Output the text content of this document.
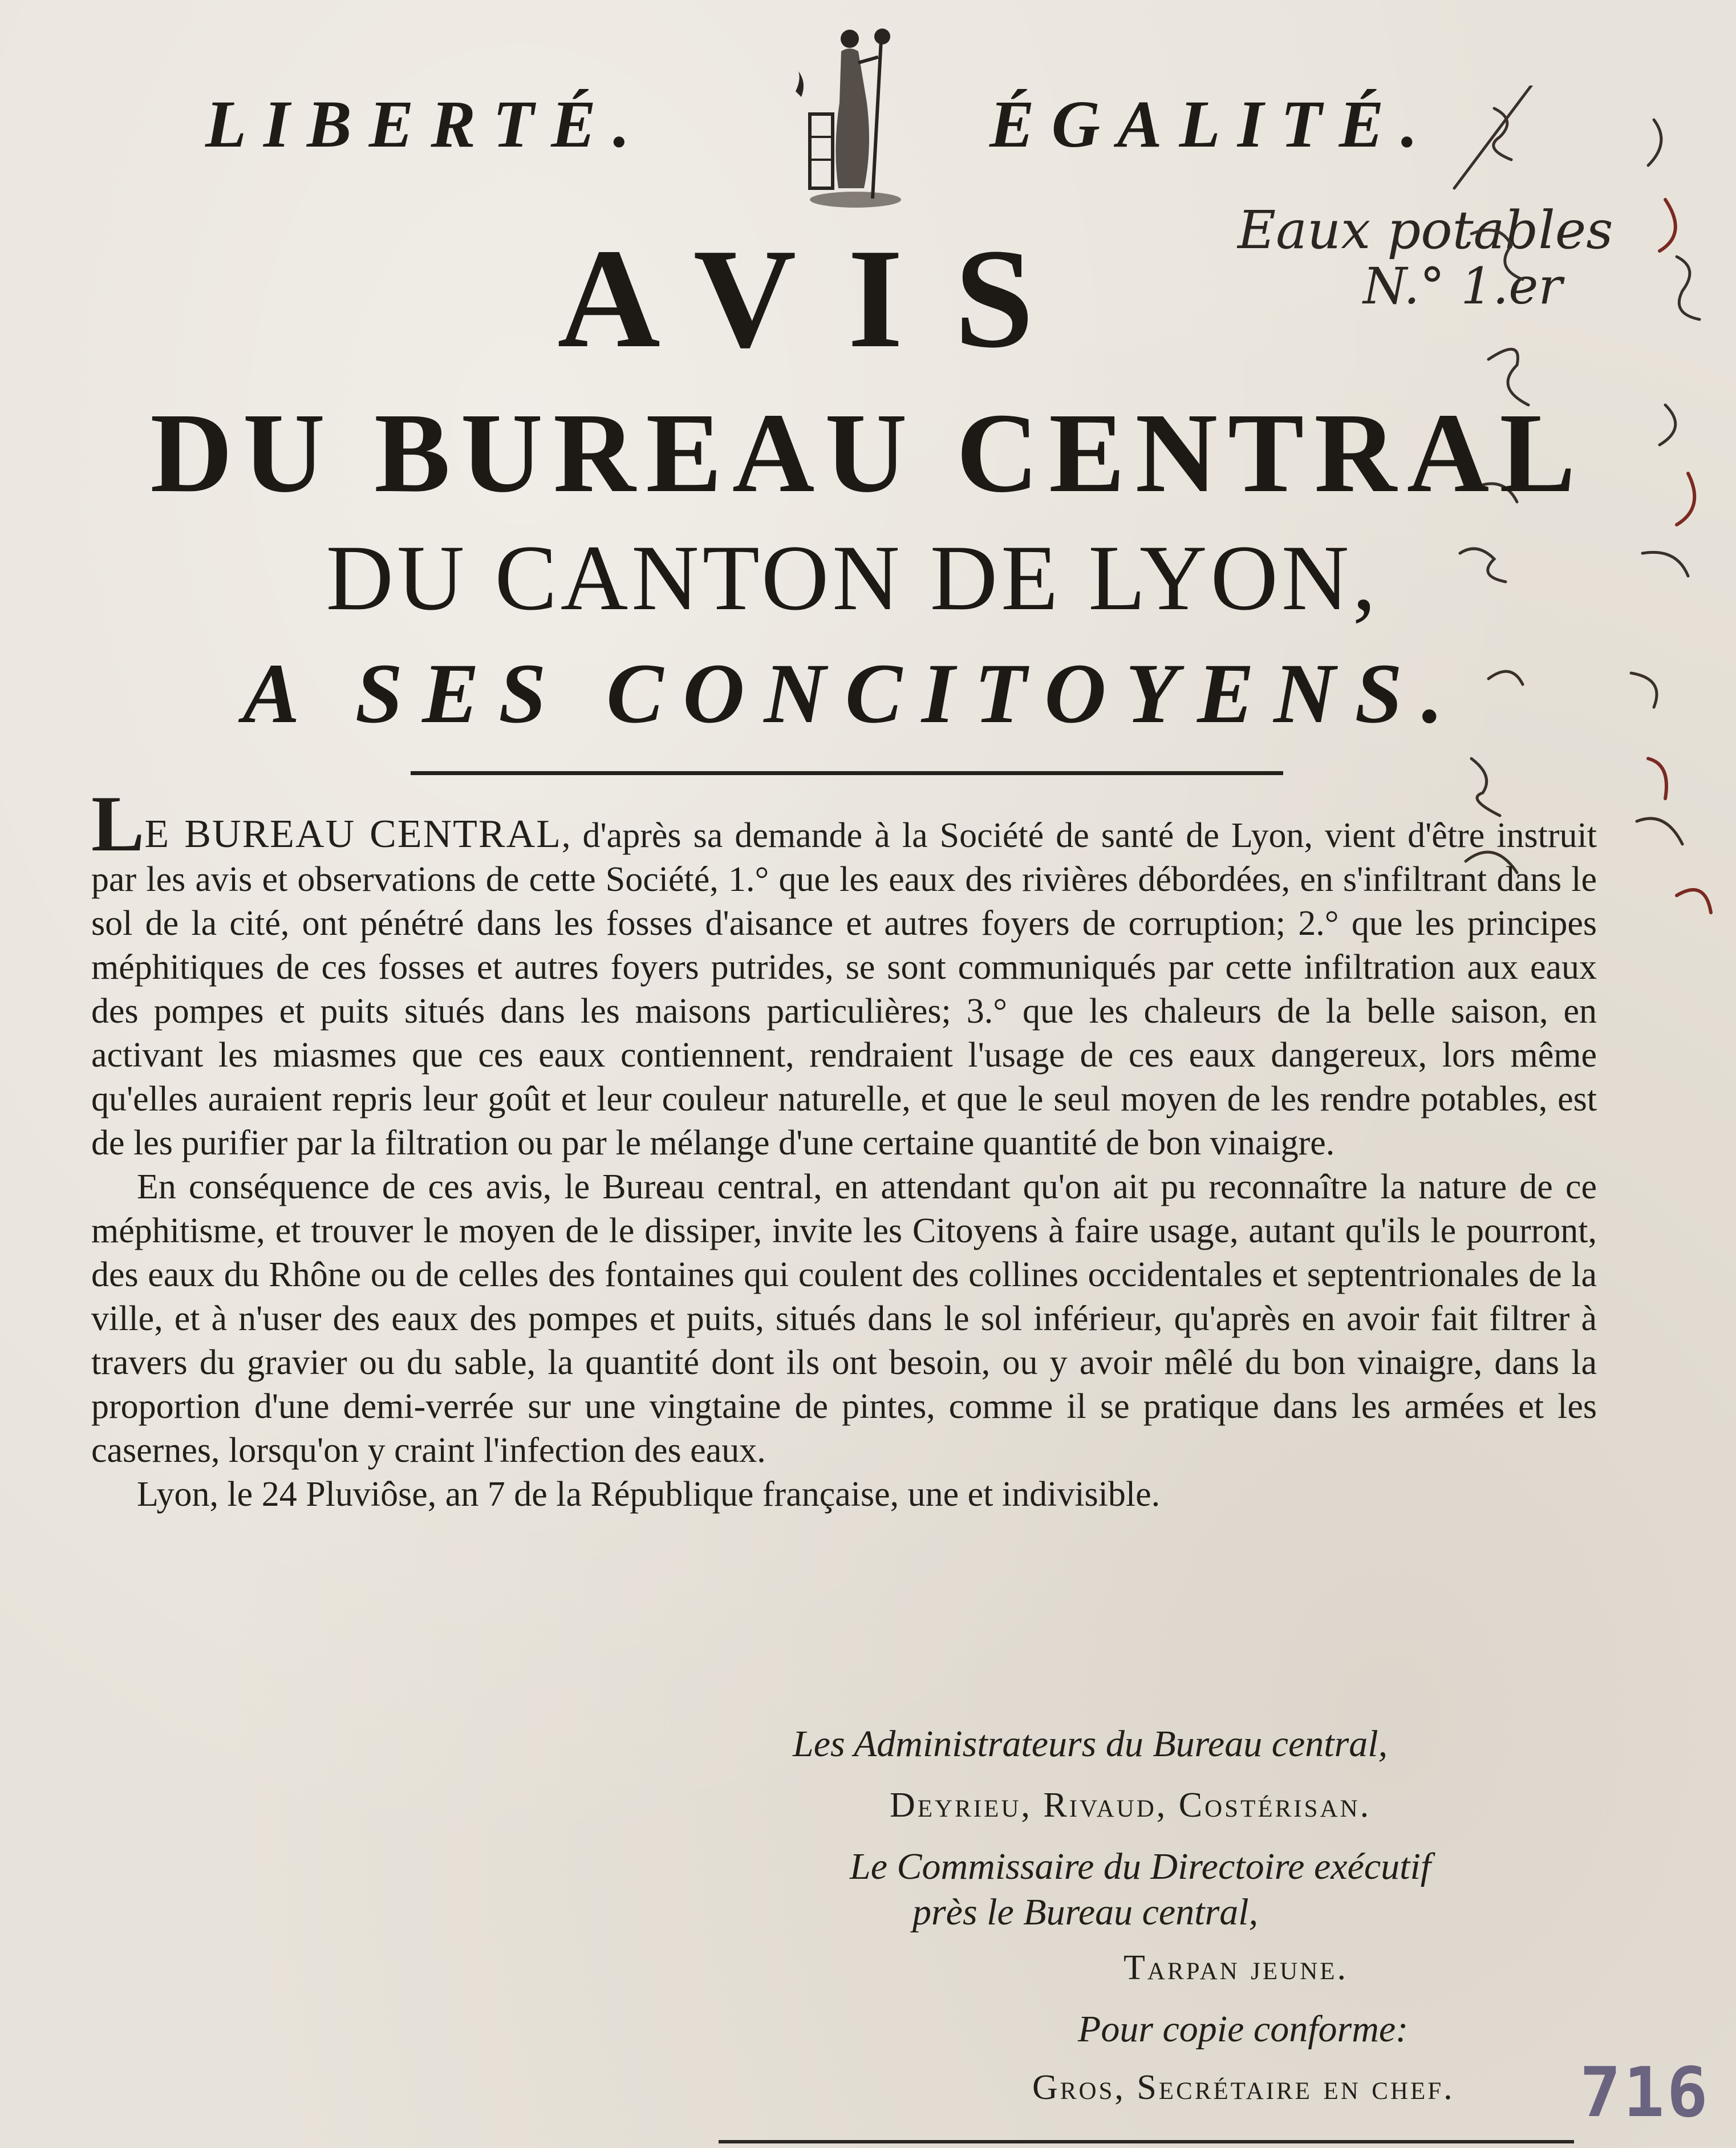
LIBERTÉ.	ÉGALITÉ.
Eaux potables
N.° 1.er
AVIS
DU BUREAU CENTRAL
DU CANTON DE LYON,
A SES CONCITOYENS.

LE BUREAU CENTRAL, d'après sa demande à la Société de santé de Lyon, vient d'être instruit par les avis et observations de cette Société, 1.° que les eaux des rivières débordées, en s'infiltrant dans le sol de la cité, ont pénétré dans les fosses d'aisance et autres foyers de corruption; 2.° que les principes méphitiques de ces fosses et autres foyers putrides, se sont communiqués par cette infiltration aux eaux des pompes et puits situés dans les maisons particulières; 3.° que les chaleurs de la belle saison, en activant les miasmes que ces eaux contiennent, rendraient l'usage de ces eaux dangereux, lors même qu'elles auraient repris leur goût et leur couleur naturelle, et que le seul moyen de les rendre potables, est de les purifier par la filtration ou par le mélange d'une certaine quantité de bon vinaigre.

En conséquence de ces avis, le Bureau central, en attendant qu'on ait pu reconnaître la nature de ce méphitisme, et trouver le moyen de le dissiper, invite les Citoyens à faire usage, autant qu'ils le pourront, des eaux du Rhône ou de celles des fontaines qui coulent des collines occidentales et septentrionales de la ville, et à n'user des eaux des pompes et puits, situés dans le sol inférieur, qu'après en avoir fait filtrer à travers du gravier ou du sable, la quantité dont ils ont besoin, ou y avoir mêlé du bon vinaigre, dans la proportion d'une demi-verrée sur une vingtaine de pintes, comme il se pratique dans les armées et les casernes, lorsqu'on y craint l'infection des eaux.

Lyon, le 24 Pluviôse, an 7 de la République française, une et indivisible.

Les Administrateurs du Bureau central,
Deyrieu, Rivaud, Costérisan.
Le Commissaire du Directoire exécutif
près le Bureau central,
Tarpan jeune.
Pour copie conforme:
Gros, Secrétaire en chef. 716
